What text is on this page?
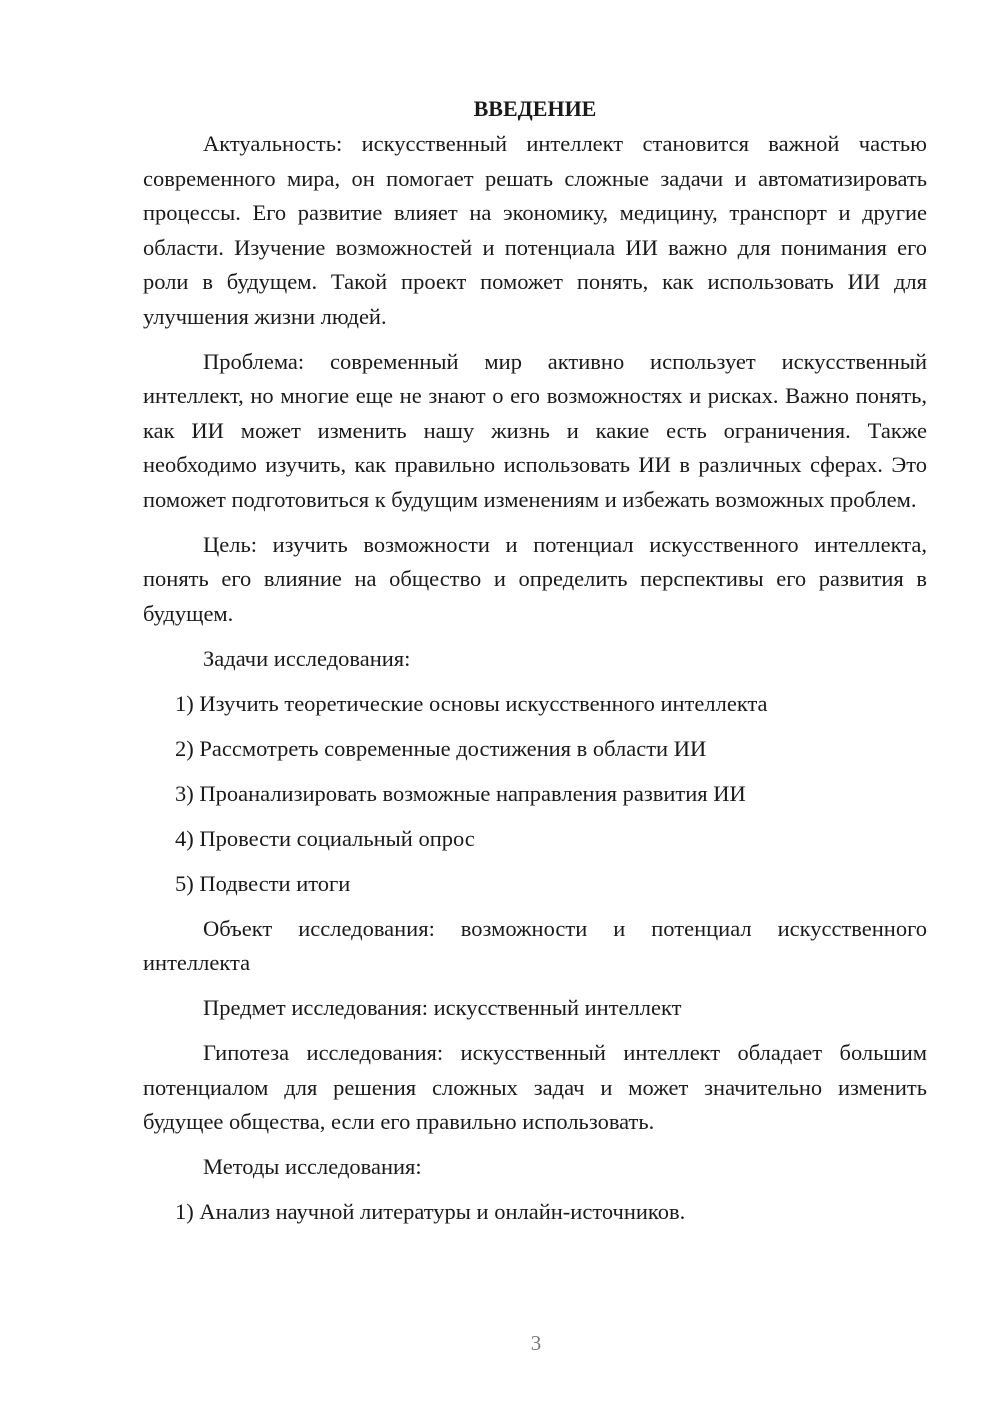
ВВЕДЕНИЕ

Актуальность: искусственный интеллект становится важной частью современного мира, он помогает решать сложные задачи и автоматизировать процессы. Его развитие влияет на экономику, медицину, транспорт и другие области. Изучение возможностей и потенциала ИИ важно для понимания его роли в будущем. Такой проект поможет понять, как использовать ИИ для улучшения жизни людей.

Проблема: современный мир активно использует искусственный интеллект, но многие еще не знают о его возможностях и рисках. Важно понять, как ИИ может изменить нашу жизнь и какие есть ограничения. Также необходимо изучить, как правильно использовать ИИ в различных сферах. Это поможет подготовиться к будущим изменениям и избежать возможных проблем.

Цель: изучить возможности и потенциал искусственного интеллекта, понять его влияние на общество и определить перспективы его развития в будущем.

Задачи исследования:

1) Изучить теоретические основы искусственного интеллекта

2) Рассмотреть современные достижения в области ИИ

3) Проанализировать возможные направления развития ИИ

4) Провести социальный опрос

5) Подвести итоги

Объект исследования: возможности и потенциал искусственного интеллекта

Предмет исследования: искусственный интеллект

Гипотеза исследования: искусственный интеллект обладает большим потенциалом для решения сложных задач и может значительно изменить будущее общества, если его правильно использовать.

Методы исследования:

1) Анализ научной литературы и онлайн-источников.

3
